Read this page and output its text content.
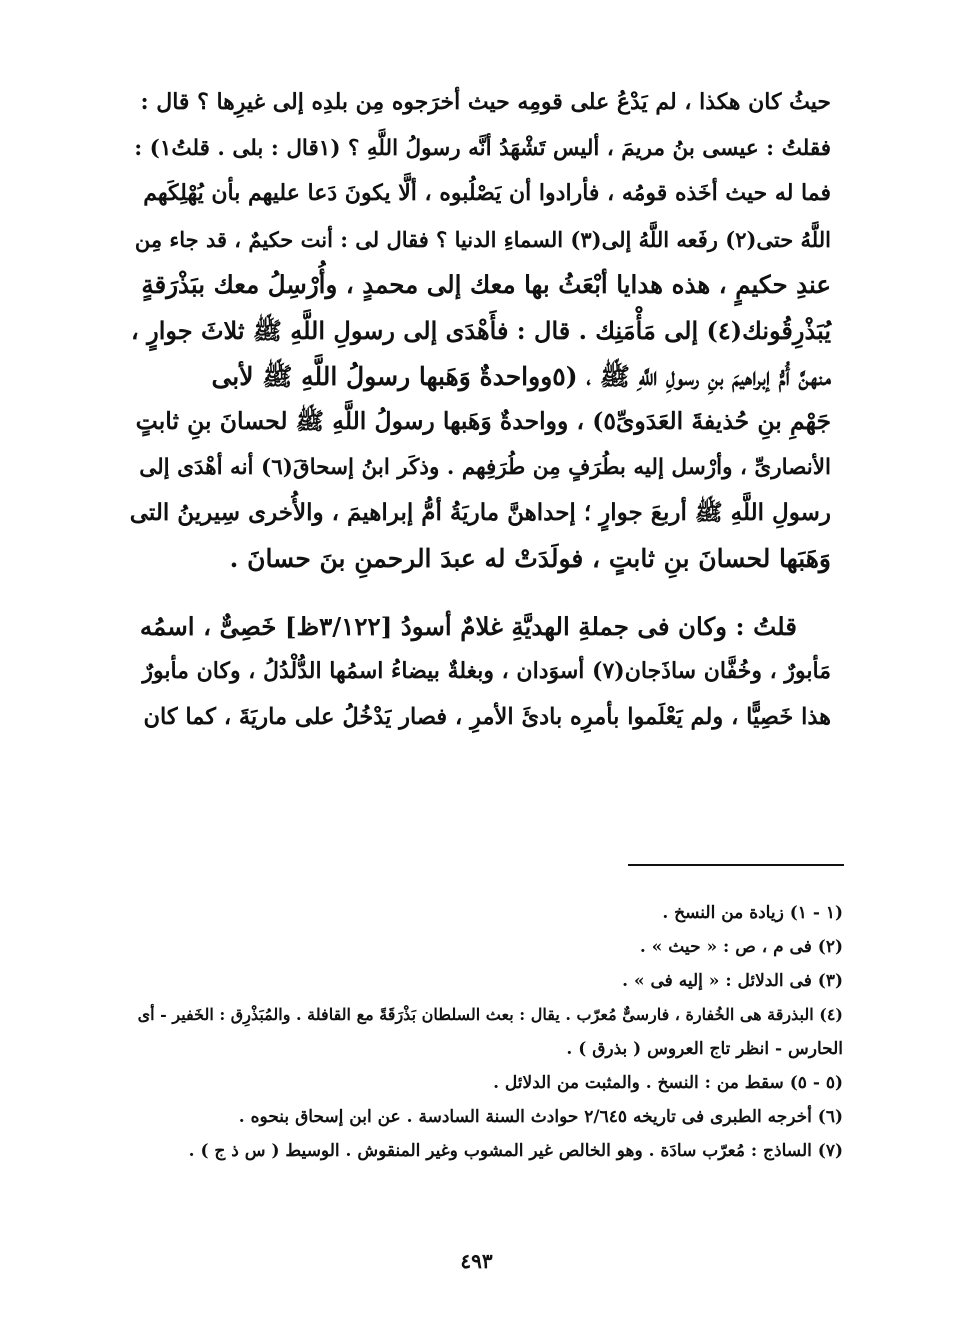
حيثُ كان هكذا ، لم يَدْعُ على قومِه حيث أخرَجوه مِن بلدِه إلى غيرِها ؟ قال :
فقلتُ : عيسى بنُ مريمَ ، أليس تَشْهَدُ أنَّه رسولُ اللَّهِ ؟ (١قال : بلى . قلتُ١) :
فما له حيث أخَذه قومُه ، فأرادوا أن يَصْلُبوه ، ألَّا يكونَ دَعا عليهم بأن يُهْلِكَهم
اللَّهُ حتى(٢) رفَعه اللَّهُ إلى(٣) السماءِ الدنيا ؟ فقال لى : أنت حكيمٌ ، قد جاء مِن
عندِ حكيمٍ ، هذه هدايا أبْعَثُ بها معك إلى محمدٍ ، وأُرْسِلُ معك ببَذْرَقةٍ
يُبَذْرِقُونك(٤) إلى مَأْمَنِك . قال : فأَهْدَى إلى رسولِ اللَّهِ ﷺ ثلاثَ جوارٍ ،
منهنَّ أُمُّ إبراهيمَ بنِ رسولِ اللَّهِ ﷺ ، (٥وواحدةٌ وَهَبها رسولُ اللَّهِ ﷺ لأبى
جَهْمِ بنِ حُذيفةَ العَدَوىِّ٥) ، وواحدةٌ وَهَبها رسولُ اللَّهِ ﷺ لحسانَ بنِ ثابتٍ
الأنصارىِّ ، وأرْسل إليه بطُرَفٍ مِن طُرَفِهم . وذكَر ابنُ إسحاقَ(٦) أنه أهْدَى إلى
رسولِ اللَّهِ ﷺ أربعَ جوارٍ ؛ إحداهنَّ ماريَةُ أمُّ إبراهيمَ ، والأُخرى سِيرينُ التى
وَهَبَها لحسانَ بنِ ثابتٍ ، فولَدَتْ له عبدَ الرحمنِ بنَ حسانَ .
قلتُ : وكان فى جملةِ الهديَّةِ غلامٌ أسودُ [٣/١٢٢ظ] خَصِىٌّ ، اسمُه
مَأبورٌ ، وخُفَّان ساذَجان(٧) أسوَدان ، وبغلةٌ بيضاءُ اسمُها الدُّلْدُلُ ، وكان مأبورٌ
هذا خَصِيًّا ، ولم يَعْلَموا بأمرِه بادئَ الأمرِ ، فصار يَدْخُلُ على ماريَةَ ، كما كان
(١ - ١) زيادة من النسخ .
(٢) فى م ، ص : « حيث » .
(٣) فى الدلائل : « إليه فى » .
(٤) البذرقة هى الخُفارة ، فارسىٌّ مُعرّب . يقال : بعث السلطان بَذْرَقَةً مع القافلة . والمُبَذْرِق : الخَفير - أى
الحارس - انظر تاج العروس ( بذرق ) .
(٥ - ٥) سقط من : النسخ . والمثبت من الدلائل .
(٦) أخرجه الطبرى فى تاريخه ٢/٦٤٥ حوادث السنة السادسة . عن ابن إسحاق بنحوه .
(٧) الساذج : مُعرّب سادَة . وهو الخالص غير المشوب وغير المنقوش . الوسيط ( س ذ ج ) .
٤٩٣
